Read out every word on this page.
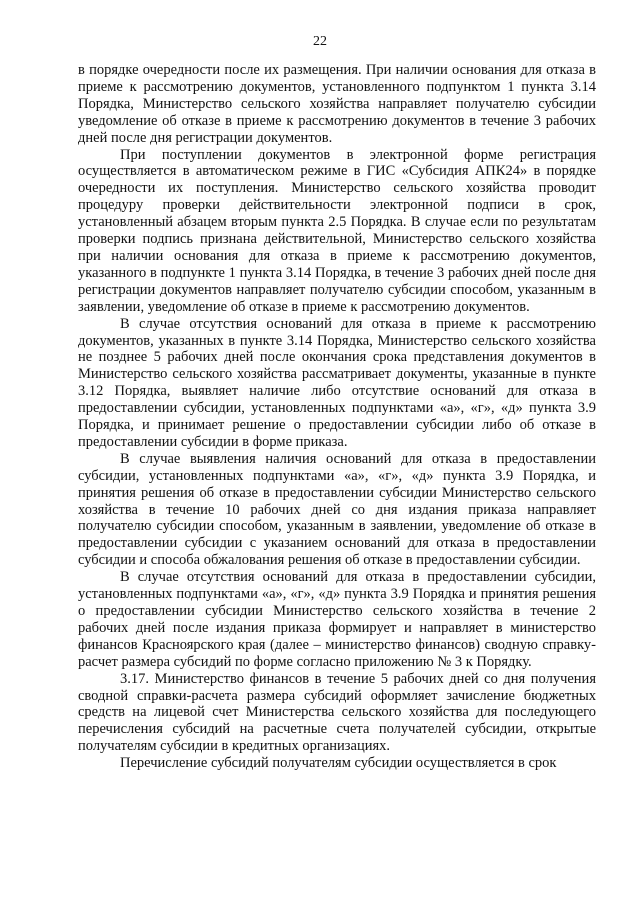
22

в порядке очередности после их размещения. При наличии основания для отказа в приеме к рассмотрению документов, установленного подпунктом 1 пункта 3.14 Порядка, Министерство сельского хозяйства направляет получателю субсидии уведомление об отказе в приеме к рассмотрению документов в течение 3 рабочих дней после дня регистрации документов.

При поступлении документов в электронной форме регистрация осуществляется в автоматическом режиме в ГИС «Субсидия АПК24» в порядке очередности их поступления. Министерство сельского хозяйства проводит процедуру проверки действительности электронной подписи в срок, установленный абзацем вторым пункта 2.5 Порядка. В случае если по результатам проверки подпись признана действительной, Министерство сельского хозяйства при наличии основания для отказа в приеме к рассмотрению документов, указанного в подпункте 1 пункта 3.14 Порядка, в течение 3 рабочих дней после дня регистрации документов направляет получателю субсидии способом, указанным в заявлении, уведомление об отказе в приеме к рассмотрению документов.

В случае отсутствия оснований для отказа в приеме к рассмотрению документов, указанных в пункте 3.14 Порядка, Министерство сельского хозяйства не позднее 5 рабочих дней после окончания срока представления документов в Министерство сельского хозяйства рассматривает документы, указанные в пункте 3.12 Порядка, выявляет наличие либо отсутствие оснований для отказа в предоставлении субсидии, установленных подпунктами «а», «г», «д» пункта 3.9 Порядка, и принимает решение о предоставлении субсидии либо об отказе в предоставлении субсидии в форме приказа.

В случае выявления наличия оснований для отказа в предоставлении субсидии, установленных подпунктами «а», «г», «д» пункта 3.9 Порядка, и принятия решения об отказе в предоставлении субсидии Министерство сельского хозяйства в течение 10 рабочих дней со дня издания приказа направляет получателю субсидии способом, указанным в заявлении, уведомление об отказе в предоставлении субсидии с указанием оснований для отказа в предоставлении субсидии и способа обжалования решения об отказе в предоставлении субсидии.

В случае отсутствия оснований для отказа в предоставлении субсидии, установленных подпунктами «а», «г», «д» пункта 3.9 Порядка и принятия решения о предоставлении субсидии Министерство сельского хозяйства в течение 2 рабочих дней после издания приказа формирует и направляет в министерство финансов Красноярского края (далее – министерство финансов) сводную справку-расчет размера субсидий по форме согласно приложению № 3 к Порядку.

3.17. Министерство финансов в течение 5 рабочих дней со дня получения сводной справки-расчета размера субсидий оформляет зачисление бюджетных средств на лицевой счет Министерства сельского хозяйства для последующего перечисления субсидий на расчетные счета получателей субсидии, открытые получателям субсидии в кредитных организациях.

Перечисление субсидий получателям субсидии осуществляется в срок
